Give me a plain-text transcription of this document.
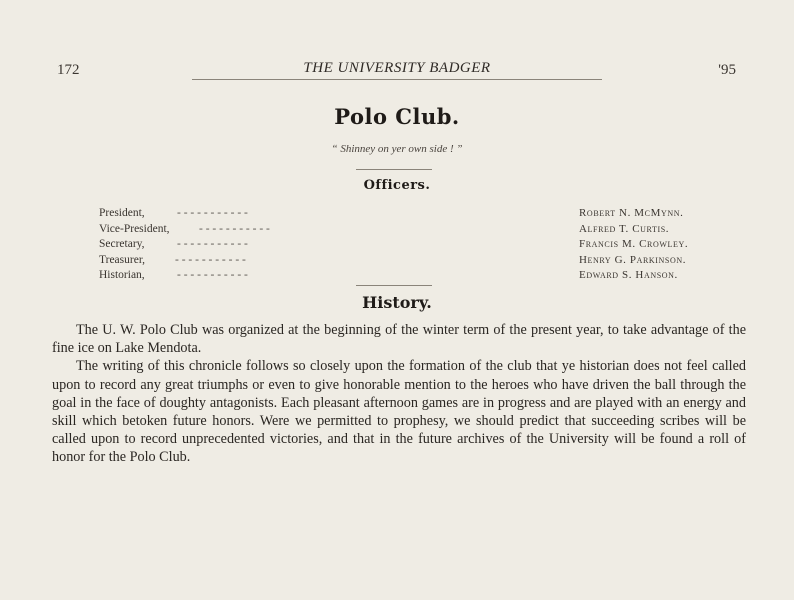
172	THE UNIVERSITY BADGER	'95
Polo Club.
“ Shinney on yer own side ! ”
Officers.
President,	- - - - - - - - - - -	Robert N. McMynn.
Vice-President,	- - - - - - - - - - -	Alfred T. Curtis.
Secretary,	- - - - - - - - - - -	Francis M. Crowley.
Treasurer,	- - - - - - - - - - -	Henry G. Parkinson.
Historian,	- - - - - - - - - - -	Edward S. Hanson.
History.

The U. W. Polo Club was organized at the beginning of the winter term of the present year, to take advantage of the fine ice on Lake Mendota.

The writing of this chronicle follows so closely upon the formation of the club that ye historian does not feel called upon to record any great triumphs or even to give honorable mention to the heroes who have driven the ball through the goal in the face of doughty antagonists. Each pleasant afternoon games are in progress and are played with an energy and skill which betoken future honors. Were we permitted to prophesy, we should predict that succeeding scribes will be called upon to record unprecedented victories, and that in the future archives of the University will be found a roll of honor for the Polo Club.
